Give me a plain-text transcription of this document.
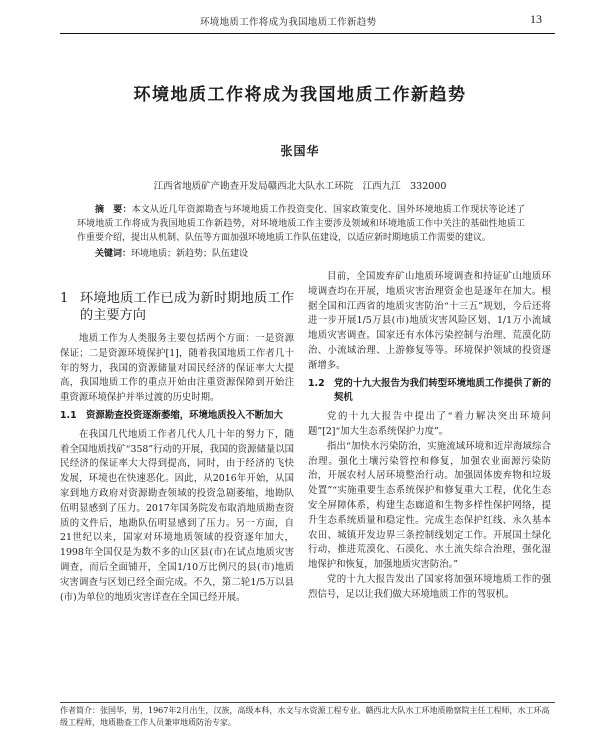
环境地质工作将成为我国地质工作新趋势	13
环境地质工作将成为我国地质工作新趋势
张国华
江西省地质矿产勘查开发局赣西北大队水工环院　江西九江　332000
摘　要：本文从近几年资源勘查与环境地质工作投资变化、国家政策变化、国外环境地质工作现状等论述了环境地质工作将成为我国地质工作新趋势，对环境地质工作主要涉及领域和环境地质工作中关注的基础性地质工作重要介绍，提出从机制、队伍等方面加强环境地质工作队伍建设，以适应新时期地质工作需要的建议。
关键词：环境地质；新趋势；队伍建设
1 环境地质工作已成为新时期地质工作的主要方向

地质工作为人类服务主要包括两个方面：一是资源保证；二是资源环境保护[1]，随着我国地质工作者几十年的努力，我国的资源储量对国民经济的保证率大大提高，我国地质工作的重点开始由注重资源保障到开始注重资源环境保护并举过渡的历史时期。

1.1 资源勘查投资逐渐萎缩，环境地质投入不断加大

在我国几代地质工作者几代人几十年的努力下，随着全国地质找矿“358”行动的开展，我国的资源储量以国民经济的保证率大大得到提高，同时，由于经济的飞快发展，环境也在快速恶化。因此，从2016年开始，从国家到地方政府对资源勘查领域的投资急剧萎缩，地勘队伍明显感到了压力。2017年国务院发布取消地质勘查资质的文件后，地勘队伍明显感到了压力。另一方面，自21世纪以来，国家对环境地质领域的投资逐年加大，1998年全国仅是为数不多的山区县(市)在试点地质灾害调查，而后全面铺开，全国1/10万比例尺的县(市)地质灾害调查与区划已经全面完成。不久，第二轮1/5万以县(市)为单位的地质灾害详查在全国已经开展。

目前，全国废弃矿山地质环境调查和持证矿山地质环境调查均在开展，地质灾害治理资金也是逐年在加大。根据全国和江西省的地质灾害防治“十三五”规划，今后还将进一步开展1/5万县(市)地质灾害风险区划、1/1万小流域地质灾害调查。国家还有水体污染控制与治理、荒漠化防治、小流域治理、上游修复等等。环境保护领域的投资逐渐增多。

1.2 党的十九大报告为我们转型环境地质工作提供了新的契机

党的十九大报告中提出了“着力解决突出环境问题”[2]“加大生态系统保护力度”。

指出“加快水污染防治，实施流域环境和近岸海域综合治理。强化土壤污染管控和修复，加强农业面源污染防治，开展农村人居环境整治行动。加强固体废弃物和垃圾处置”“实施重要生态系统保护和修复重大工程，优化生态安全屏障体系，构建生态廊道和生物多样性保护网络，提升生态系统质量和稳定性。完成生态保护红线、永久基本农田、城镇开发边界三条控制线划定工作。开展国土绿化行动，推进荒漠化、石漠化、水土流失综合治理，强化湿地保护和恢复，加强地质灾害防治。”

党的十九大报告发出了国家将加强环境地质工作的强烈信号，足以让我们做大环境地质工作的驾驭机。

作者简介：张国华，男，1967年2月出生，汉族，高级本科，水文与水资源工程专业。赣西北大队水工环地质勘察院主任工程师，水工环高级工程师，地质勘查工作人员兼审地质防治专家。
